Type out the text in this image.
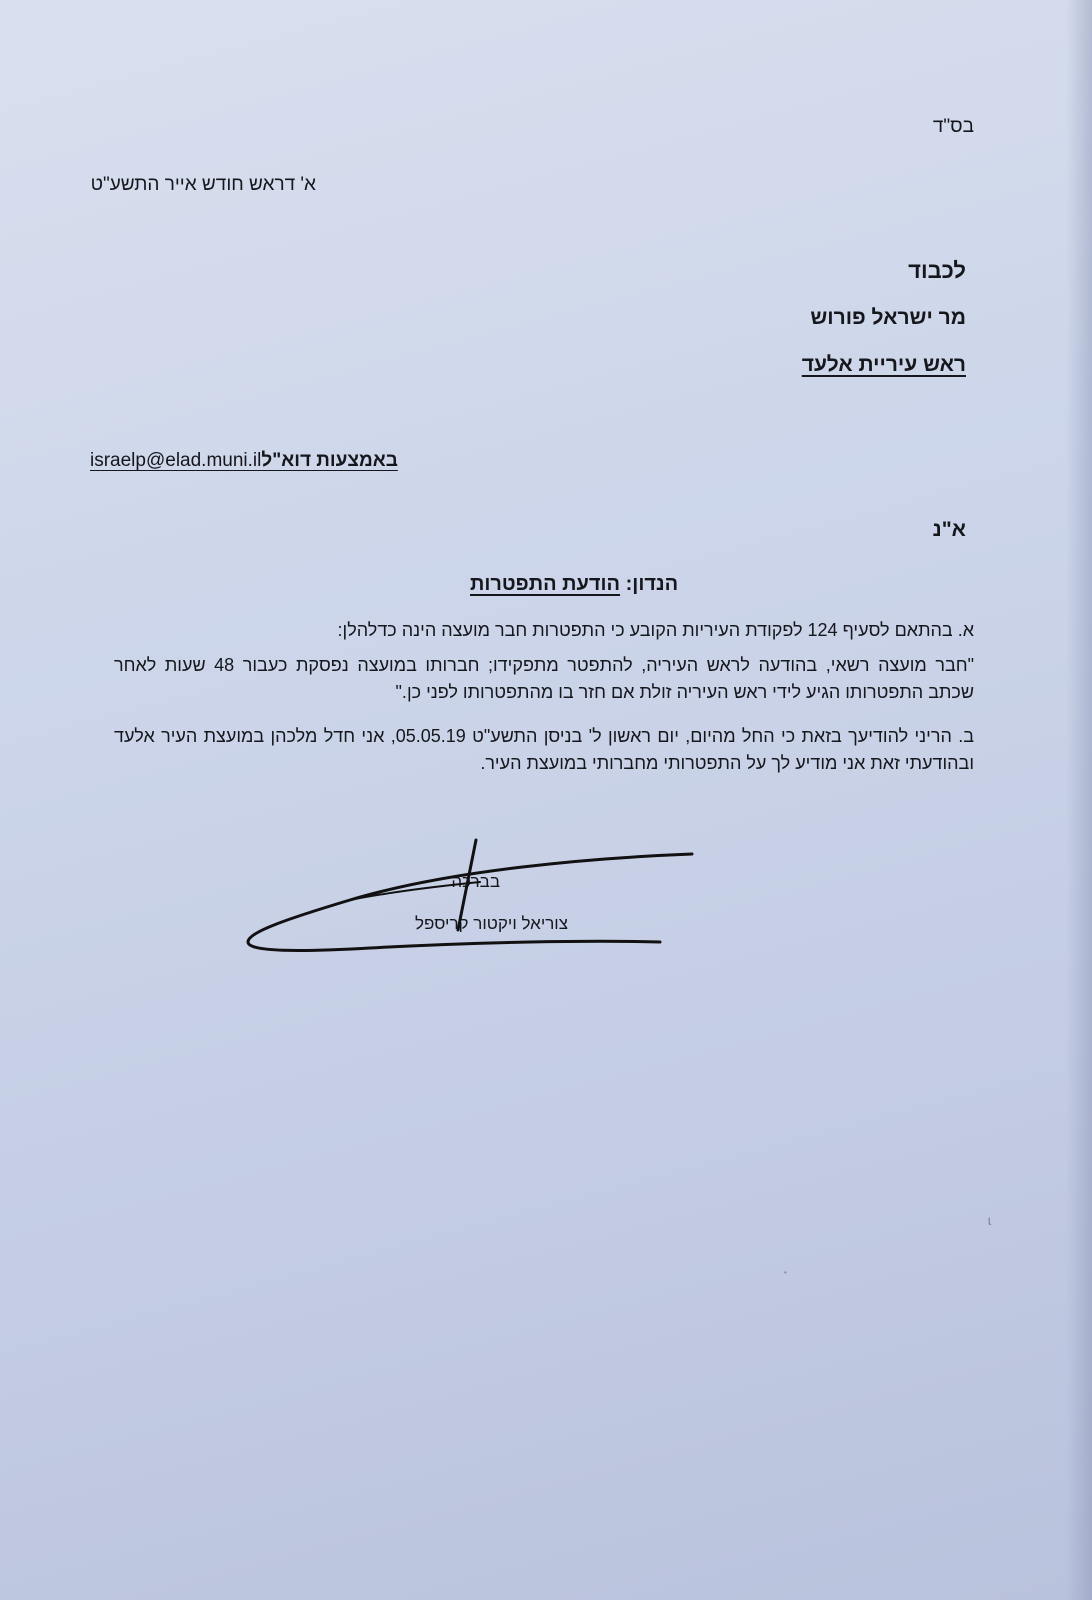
בס"ד
א' דראש חודש אייר התשע"ט
לכבוד
מר ישראל פורוש
ראש עיריית אלעד
israelp@elad.muni.ilבאמצעות דוא"ל
א"נ
הנדון: הודעת התפטרות
א. בהתאם לסעיף 124 לפקודת העיריות הקובע כי התפטרות חבר מועצה הינה כדלהלן:
"חבר מועצה רשאי, בהודעה לראש העיריה, להתפטר מתפקידו; חברותו במועצה נפסקת כעבור 48 שעות לאחר שכתב התפטרותו הגיע לידי ראש העיריה זולת אם חזר בו מהתפטרותו לפני כן."
ב. הריני להודיעך בזאת כי החל מהיום, יום ראשון ל' בניסן התשע"ט 05.05.19, אני חדל מלכהן במועצת העיר אלעד ובהודעתי זאת אני מודיע לך על התפטרותי מחברותי במועצת העיר.
בברכה
צוריאל ויקטור קריספל
ɩ
•
